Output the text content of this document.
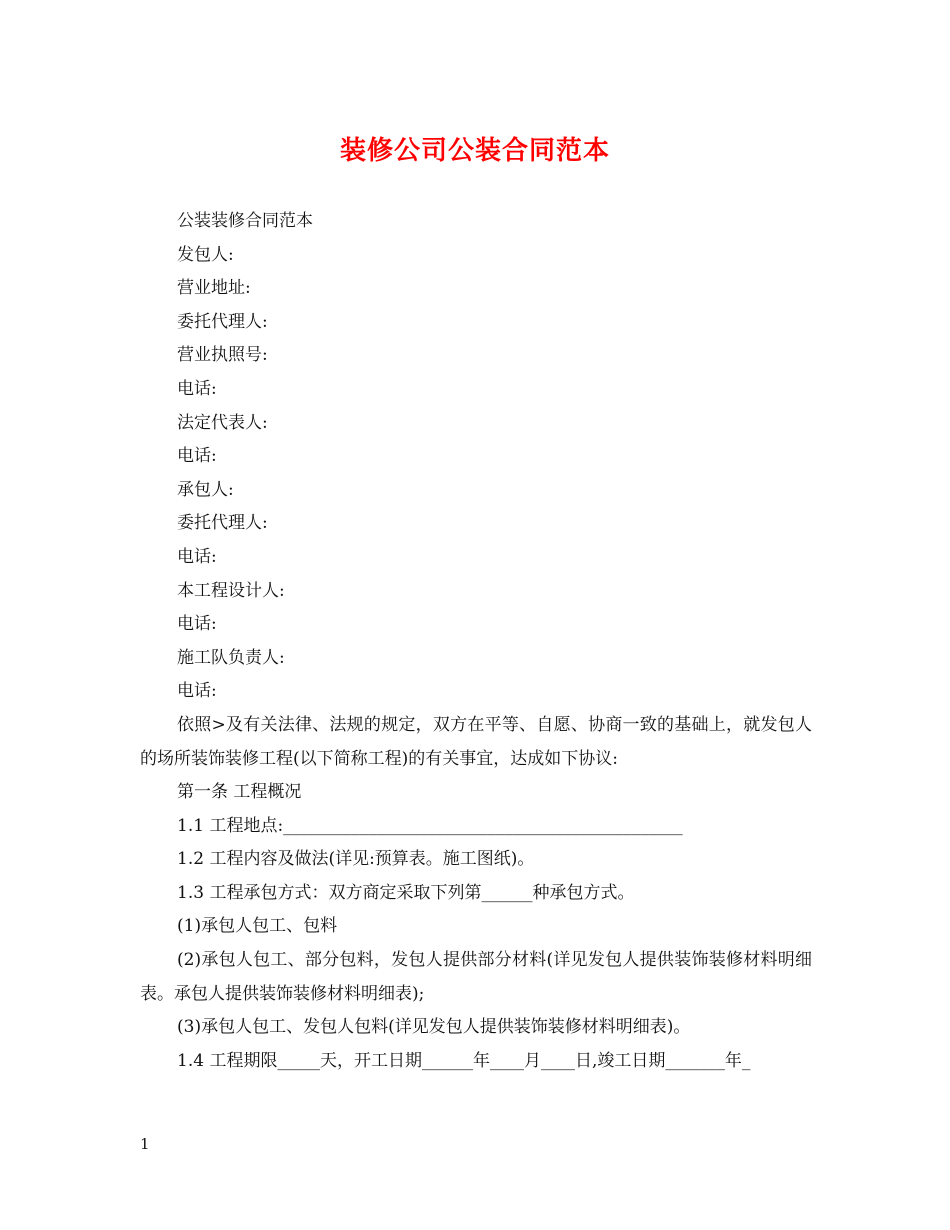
装修公司公装合同范本
公装装修合同范本
发包人:
营业地址:
委托代理人:
营业执照号:
电话:
法定代表人:
电话:
承包人:
委托代理人:
电话:
本工程设计人:
电话:
施工队负责人:
电话:
依照>及有关法律、法规的规定，双方在平等、自愿、协商一致的基础上，就发包人的场所装饰装修工程(以下简称工程)的有关事宜，达成如下协议:
第一条 工程概况
1.1 工程地点:_______________________________________________
1.2 工程内容及做法(详见:预算表。施工图纸)。
1.3 工程承包方式：双方商定采取下列第______种承包方式。
(1)承包人包工、包料
(2)承包人包工、部分包料，发包人提供部分材料(详见发包人提供装饰装修材料明细表。承包人提供装饰装修材料明细表);
(3)承包人包工、发包人包料(详见发包人提供装饰装修材料明细表)。
1.4 工程期限_____天，开工日期______年____月____日,竣工日期_______年_
1
